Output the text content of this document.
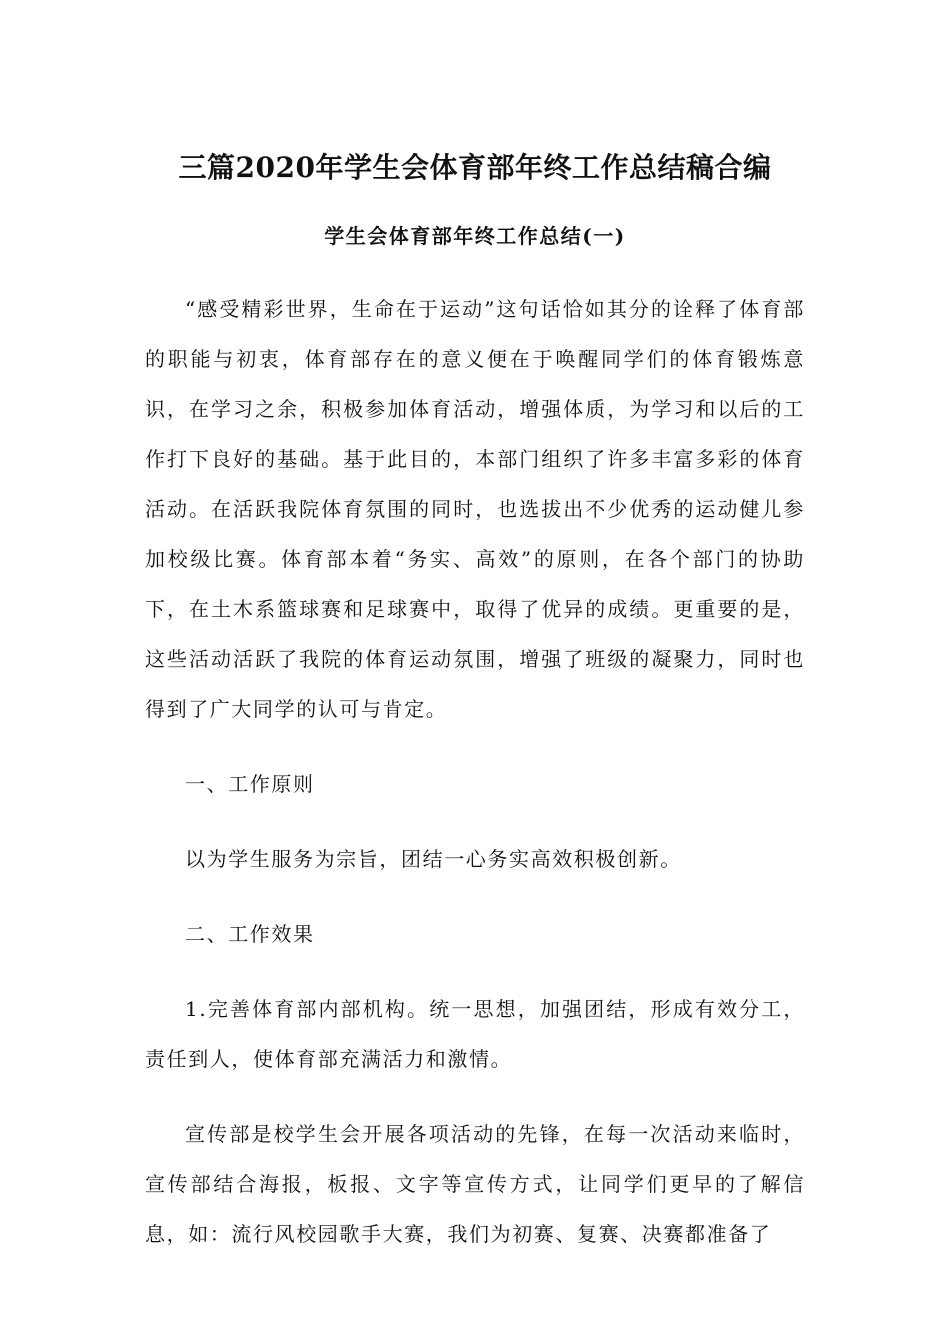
三篇2020年学生会体育部年终工作总结稿合编
学生会体育部年终工作总结(一)

“感受精彩世界，生命在于运动”这句话恰如其分的诠释了体育部的职能与初衷，体育部存在的意义便在于唤醒同学们的体育锻炼意识，在学习之余，积极参加体育活动，增强体质，为学习和以后的工作打下良好的基础。基于此目的，本部门组织了许多丰富多彩的体育活动。在活跃我院体育氛围的同时，也选拔出不少优秀的运动健儿参加校级比赛。体育部本着“务实、高效”的原则，在各个部门的协助下，在土木系篮球赛和足球赛中，取得了优异的成绩。更重要的是，这些活动活跃了我院的体育运动氛围，增强了班级的凝聚力，同时也得到了广大同学的认可与肯定。

一、工作原则

以为学生服务为宗旨，团结一心务实高效积极创新。

二、工作效果

1.完善体育部内部机构。统一思想，加强团结，形成有效分工，责任到人，使体育部充满活力和激情。

宣传部是校学生会开展各项活动的先锋，在每一次活动来临时，宣传部结合海报，板报、文字等宣传方式，让同学们更早的了解信息，如：流行风校园歌手大赛，我们为初赛、复赛、决赛都准备了
